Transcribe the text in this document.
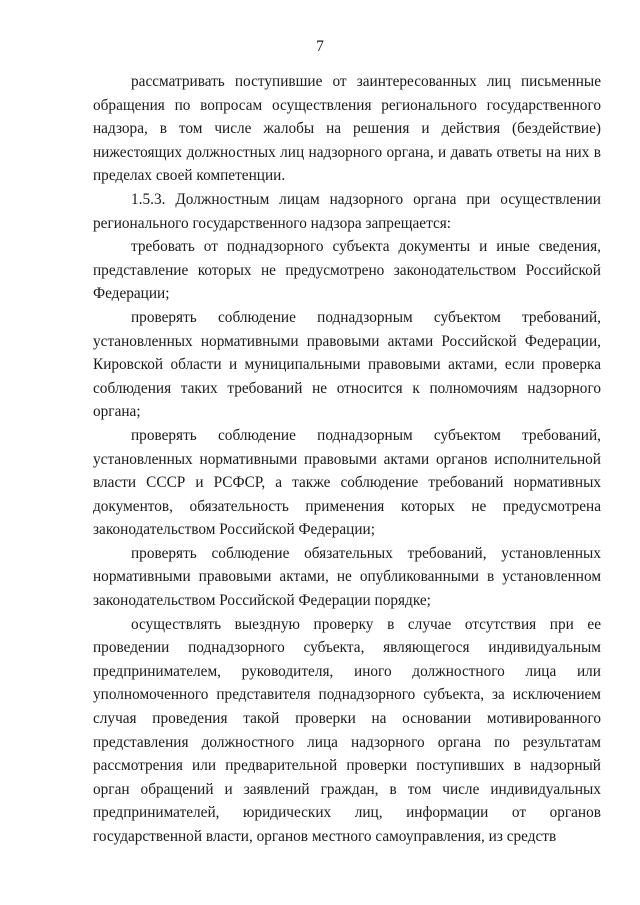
7

рассматривать поступившие от заинтересованных лиц письменные обращения по вопросам осуществления регионального государственного надзора, в том числе жалобы на решения и действия (бездействие) нижестоящих должностных лиц надзорного органа, и давать ответы на них в пределах своей компетенции.

1.5.3. Должностным лицам надзорного органа при осуществлении регионального государственного надзора запрещается:

требовать от поднадзорного субъекта документы и иные сведения, представление которых не предусмотрено законодательством Российской Федерации;

проверять соблюдение поднадзорным субъектом требований, установленных нормативными правовыми актами Российской Федерации, Кировской области и муниципальными правовыми актами, если проверка соблюдения таких требований не относится к полномочиям надзорного органа;

проверять соблюдение поднадзорным субъектом требований, установленных нормативными правовыми актами органов исполнительной власти СССР и РСФСР, а также соблюдение требований нормативных документов, обязательность применения которых не предусмотрена законодательством Российской Федерации;

проверять соблюдение обязательных требований, установленных нормативными правовыми актами, не опубликованными в установленном законодательством Российской Федерации порядке;

осуществлять выездную проверку в случае отсутствия при ее проведении поднадзорного субъекта, являющегося индивидуальным предпринимателем, руководителя, иного должностного лица или уполномоченного представителя поднадзорного субъекта, за исключением случая проведения такой проверки на основании мотивированного представления должностного лица надзорного органа по результатам рассмотрения или предварительной проверки поступивших в надзорный орган обращений и заявлений граждан, в том числе индивидуальных предпринимателей, юридических лиц, информации от органов государственной власти, органов местного самоуправления, из средств
